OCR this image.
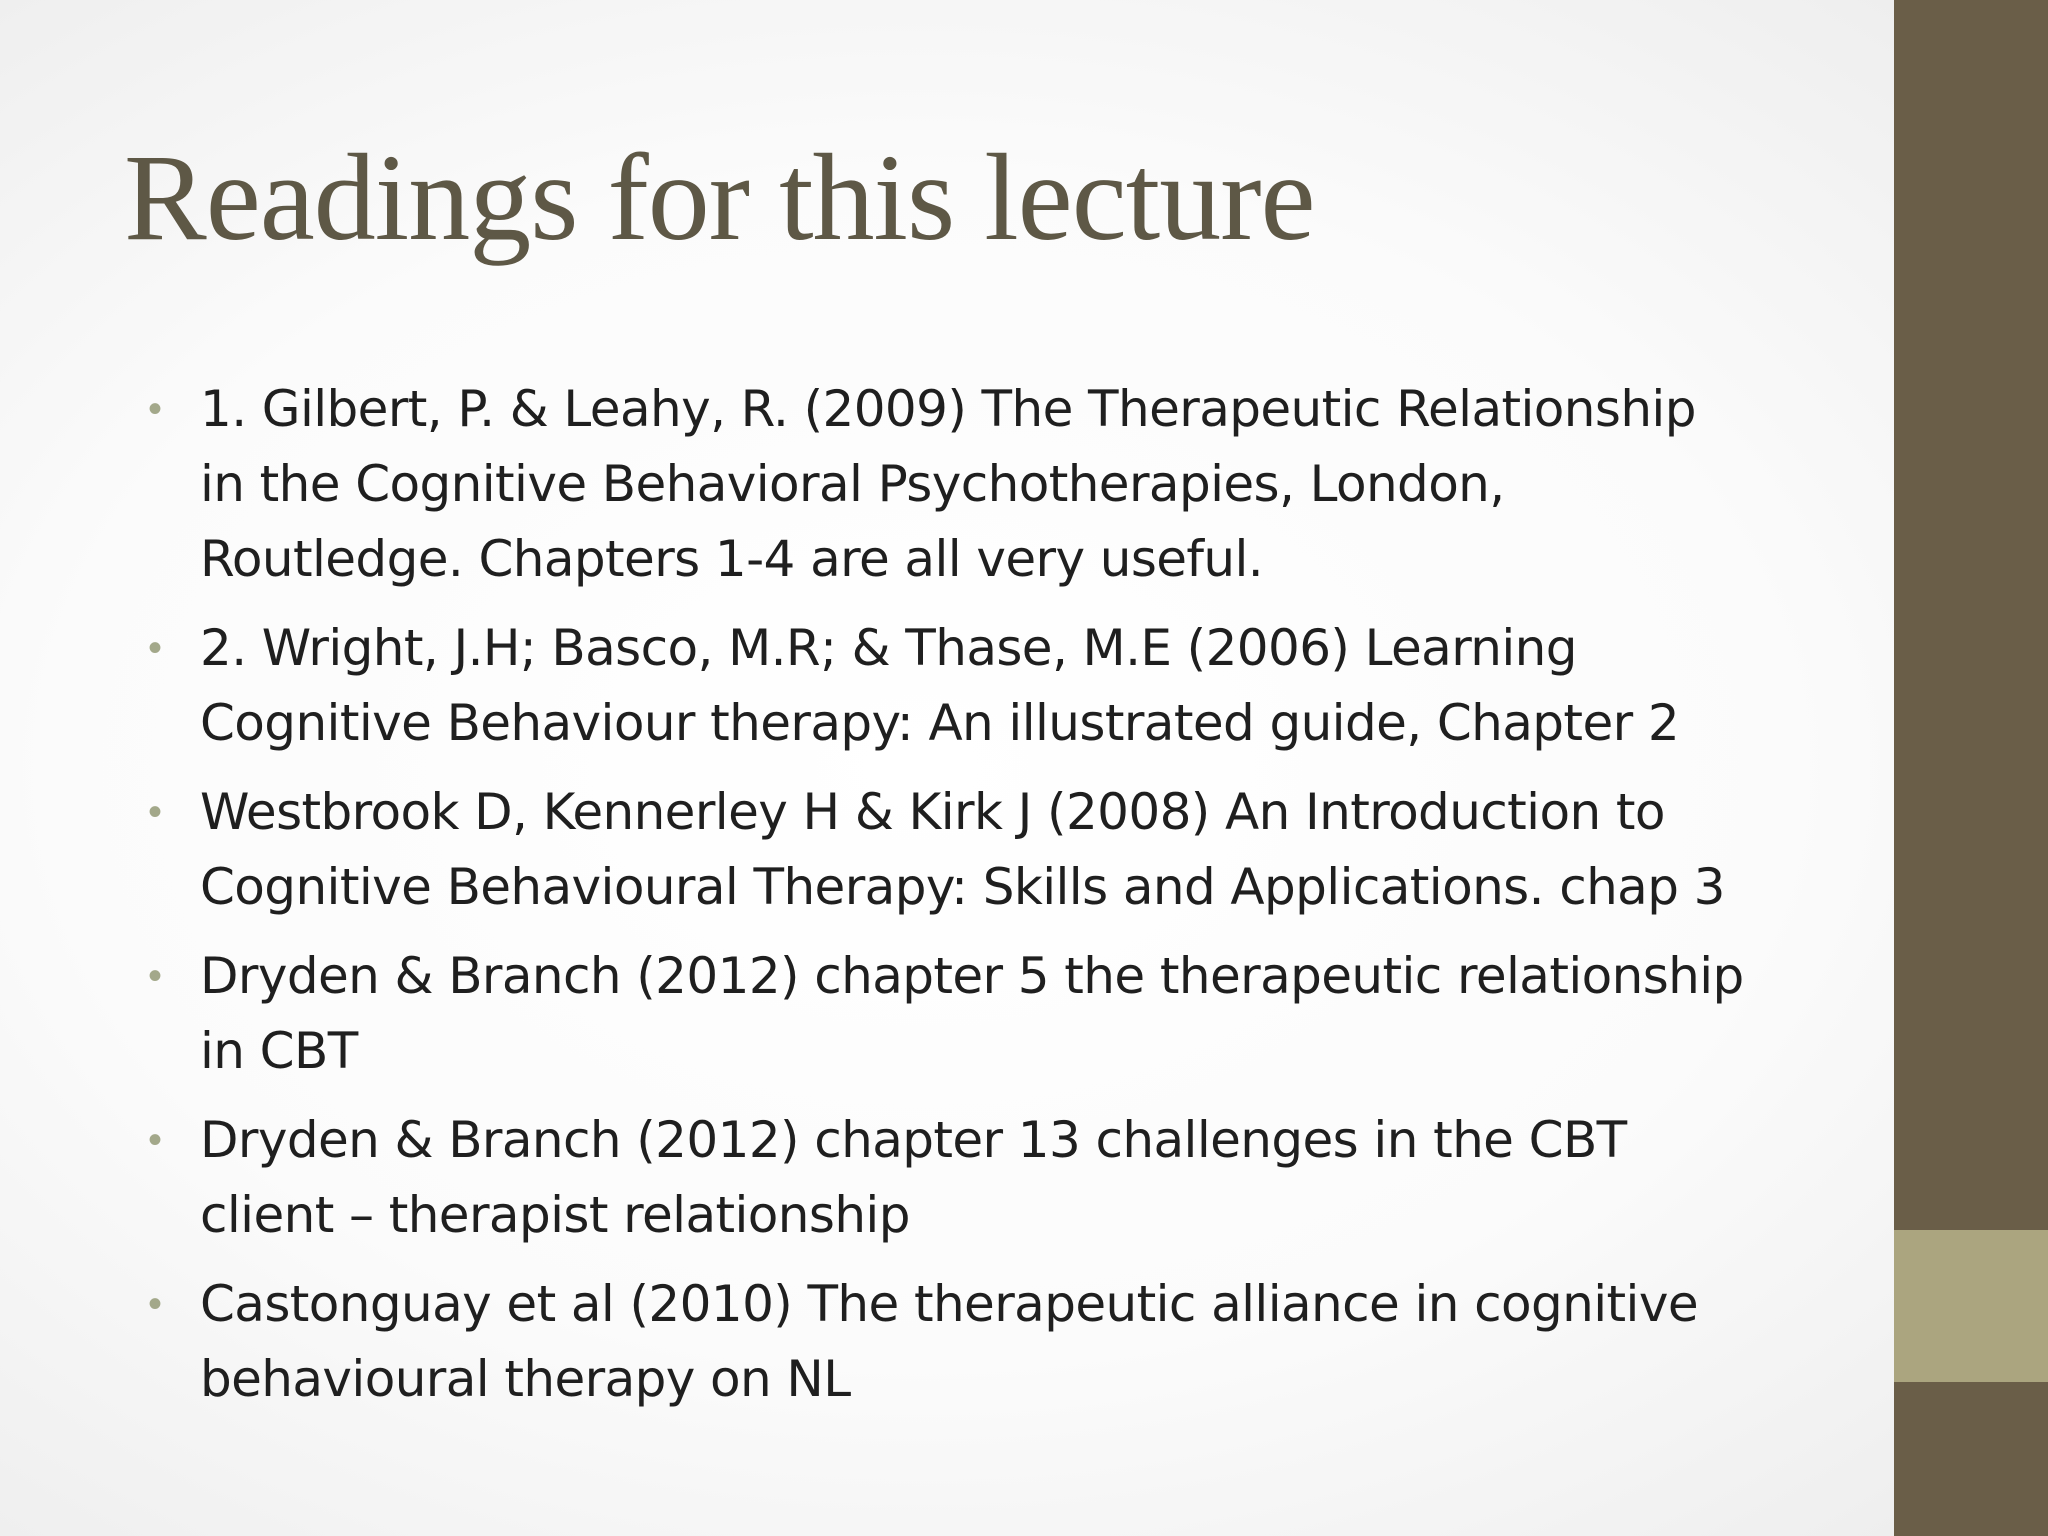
Readings for this lecture
• 1. Gilbert, P. & Leahy, R. (2009) The Therapeutic Relationship
in the Cognitive Behavioral Psychotherapies, London,
Routledge. Chapters 1-4 are all very useful.
• 2. Wright, J.H; Basco, M.R; & Thase, M.E (2006) Learning
Cognitive Behaviour therapy: An illustrated guide, Chapter 2
• Westbrook D, Kennerley H & Kirk J (2008) An Introduction to
Cognitive Behavioural Therapy: Skills and Applications. chap 3
• Dryden & Branch (2012) chapter 5 the therapeutic relationship
in CBT
• Dryden & Branch (2012) chapter 13 challenges in the CBT
client – therapist relationship
• Castonguay et al (2010) The therapeutic alliance in cognitive
behavioural therapy on NL
